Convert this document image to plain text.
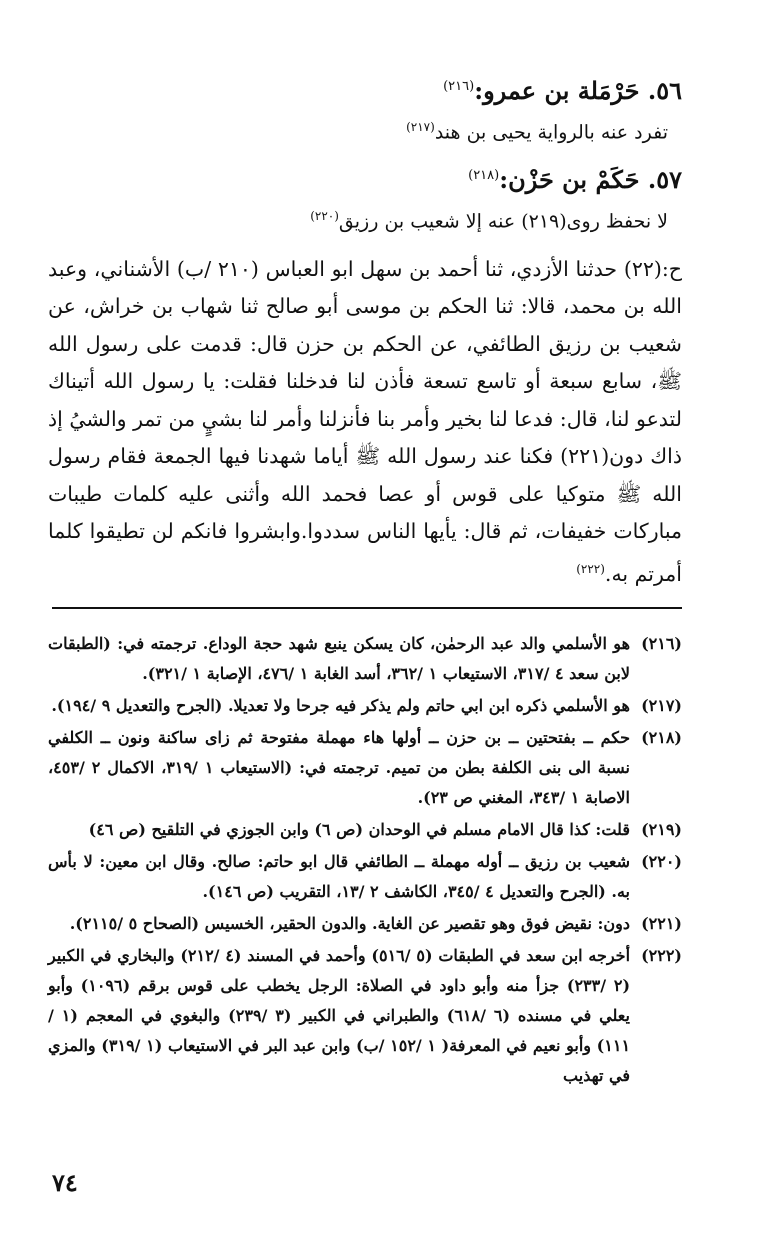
٥٦. حَرْمَلة بن عمرو:$^{(٢١٦)}$
تفرد عنه بالرواية يحيى بن هند$^{(٢١٧)}$
٥٧. حَكَمْ بن حَزْن:$^{(٢١٨)}$
لا نحفظ روى(٢١٩) عنه إلا شعيب بن رزيق$^{(٢٢٠)}$
ح:(٢٢) حدثنا الأزدي، ثنا أحمد بن سهل ابو العباس (٢١٠ /ب) الأشناني، وعبد الله بن محمد، قالا: ثنا الحكم بن موسى أبو صالح ثنا شهاب بن خراش، عن شعيب بن رزيق الطائفي، عن الحكم بن حزن قال: قدمت على رسول الله ﷺ، سابع سبعة أو تاسع تسعة فأذن لنا فدخلنا فقلت: يا رسول الله أتيناك لتدعو لنا، قال: فدعا لنا بخير وأمر بنا فأنزلنا وأمر لنا بشيٍ من تمر والشيُ إذ ذاك دون(٢٢١) فكنا عند رسول الله ﷺ أياما شهدنا فيها الجمعة فقام رسول الله ﷺ متوكيا على قوس أو عصا فحمد الله وأثنى عليه كلمات طيبات مباركات خفيفات، ثم قال: يأيها الناس سددوا.وابشروا فانكم لن تطيقوا كلما أمرتم به.$^{(٢٢٢)}$
(٢١٦)
هو الأسلمي والد عبد الرحمٰن، كان يسكن ينبع شهد حجة الوداع. ترجمته في: (الطبقات لابن سعد ٤ /٣١٧، الاستيعاب ١ /٣٦٢، أسد الغابة ١ /٤٧٦، الإصابة ١ /٣٢١).
(٢١٧)
هو الأسلمي ذكره ابن ابي حاتم ولم يذكر فيه جرحا ولا تعديلا. (الجرح والتعديل ٩ /١٩٤).
(٢١٨)
حكم ــ بفتحتين ــ بن حزن ــ أولها هاء مهملة مفتوحة ثم زاى ساكنة ونون ــ الكلفي نسبة الى بنى الكلفة بطن من تميم. ترجمته في: (الاستيعاب ١ /٣١٩، الاكمال ٢ /٤٥٣، الاصابة ١ /٣٤٣، المغني ص ٢٣).
(٢١٩)
قلت: كذا قال الامام مسلم في الوحدان (ص ٦) وابن الجوزي في التلقيح (ص ٤٦)
(٢٢٠)
شعيب بن رزيق ــ أوله مهملة ــ الطائفي قال ابو حاتم: صالح. وقال ابن معين: لا بأس به. (الجرح والتعديل ٤ /٣٤٥، الكاشف ٢ /١٣، التقريب (ص ١٤٦).
(٢٢١)
دون: نقيض فوق وهو تقصير عن الغاية. والدون الحقير، الخسيس (الصحاح ٥ /٢١١٥).
(٢٢٢)
أخرجه ابن سعد في الطبقات (٥ /٥١٦) وأحمد في المسند (٤ /٢١٢) والبخاري في الكبير (٢ /٢٣٣) جزأ منه وأبو داود في الصلاة: الرجل يخطب على قوس برقم (١٠٩٦) وأبو يعلي في مسنده (٦ /٦١٨) والطبراني في الكبير (٣ /٢٣٩) والبغوي في المعجم (١ /١١١) وأبو نعيم في المعرفة( ١ /١٥٢ /ب) وابن عبد البر في الاستيعاب (١ /٣١٩) والمزي في تهذيب
٧٤
